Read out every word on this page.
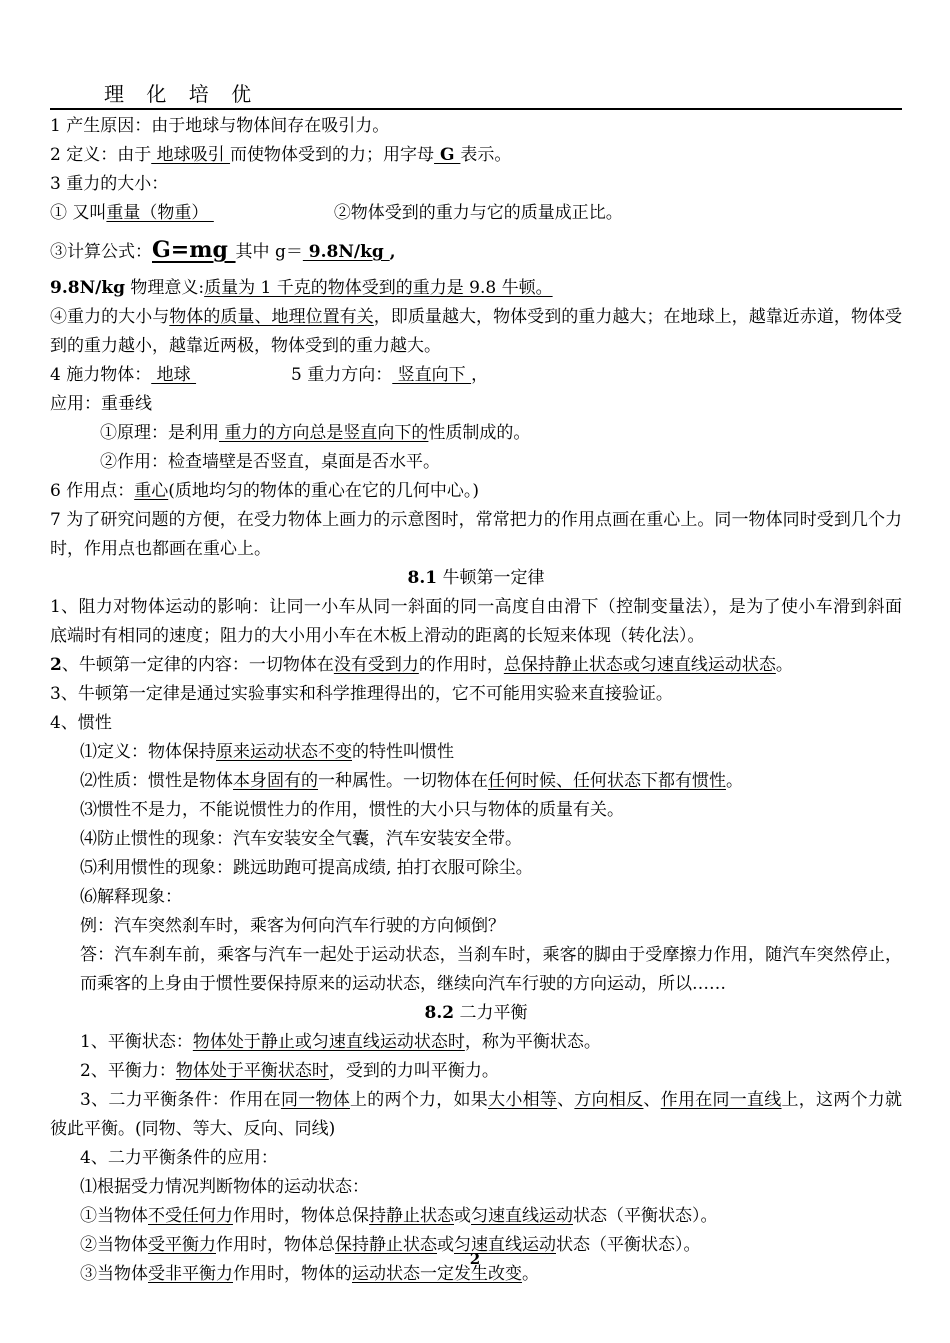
理 化 培 优
1 产生原因：由于地球与物体间存在吸引力。
2 定义：由于 地球吸引 而使物体受到的力；用字母 G 表示。
3 重力的大小：
① 又叫重量（物重）	②物体受到的重力与它的质量成正比。
③计算公式：G=mg 其中 g＝ 9.8N/kg ,
9.8N/kg 物理意义:质量为 1 千克的物体受到的重力是 9.8 牛顿。
④重力的大小与物体的质量、地理位置有关，即质量越大，物体受到的重力越大；在地球上，越靠近赤道，物体受到的重力越小，越靠近两极，物体受到的重力越大。
4 施力物体： 地球	5 重力方向： 竖直向下 ，
应用：重垂线
①原理：是利用 重力的方向总是竖直向下的性质制成的。
②作用：检查墙壁是否竖直，桌面是否水平。
6 作用点：重心(质地均匀的物体的重心在它的几何中心。)
7 为了研究问题的方便，在受力物体上画力的示意图时，常常把力的作用点画在重心上。同一物体同时受到几个力时，作用点也都画在重心上。
8.1 牛顿第一定律
1、阻力对物体运动的影响：让同一小车从同一斜面的同一高度自由滑下（控制变量法），是为了使小车滑到斜面底端时有相同的速度；阻力的大小用小车在木板上滑动的距离的长短来体现（转化法）。
2、牛顿第一定律的内容：一切物体在没有受到力的作用时，总保持静止状态或匀速直线运动状态。
3、牛顿第一定律是通过实验事实和科学推理得出的，它不可能用实验来直接验证。
4、惯性
⑴定义：物体保持原来运动状态不变的特性叫惯性
⑵性质：惯性是物体本身固有的一种属性。一切物体在任何时候、任何状态下都有惯性。
⑶惯性不是力，不能说惯性力的作用，惯性的大小只与物体的质量有关。
⑷防止惯性的现象：汽车安装安全气囊，汽车安装安全带。
⑸利用惯性的现象：跳远助跑可提高成绩, 拍打衣服可除尘。
⑹解释现象：
例：汽车突然刹车时，乘客为何向汽车行驶的方向倾倒？
答：汽车刹车前，乘客与汽车一起处于运动状态，当刹车时，乘客的脚由于受摩擦力作用，随汽车突然停止，而乘客的上身由于惯性要保持原来的运动状态，继续向汽车行驶的方向运动，所以……
8.2 二力平衡
1、平衡状态：物体处于静止或匀速直线运动状态时，称为平衡状态。
2、平衡力：物体处于平衡状态时，受到的力叫平衡力。
3、二力平衡条件：作用在同一物体上的两个力，如果大小相等、方向相反、作用在同一直线上，这两个力就彼此平衡。(同物、等大、反向、同线)
4、二力平衡条件的应用：
⑴根据受力情况判断物体的运动状态：
①当物体不受任何力作用时，物体总保持静止状态或匀速直线运动状态（平衡状态）。
②当物体受平衡力作用时，物体总保持静止状态或匀速直线运动状态（平衡状态）。
③当物体受非平衡力作用时，物体的运动状态一定发生改变。
2
